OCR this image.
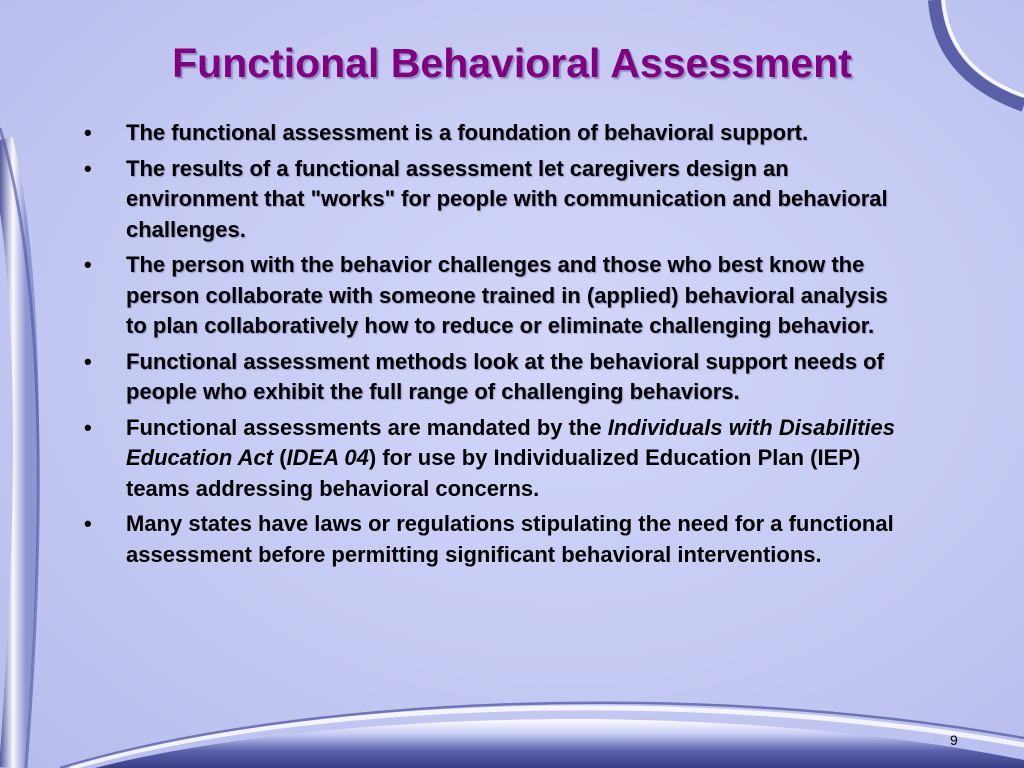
Functional Behavioral Assessment
• The functional assessment is a foundation of behavioral support.
• The results of a functional assessment let caregivers design an environment that "works" for people with communication and behavioral challenges.
• The person with the behavior challenges and those who best know the person collaborate with someone trained in (applied) behavioral analysis to plan collaboratively how to reduce or eliminate challenging behavior.
• Functional assessment methods look at the behavioral support needs of people who exhibit the full range of challenging behaviors.
• Functional assessments are mandated by the Individuals with Disabilities Education Act (IDEA 04) for use by Individualized Education Plan (IEP) teams addressing behavioral concerns.
• Many states have laws or regulations stipulating the need for a functional assessment before permitting significant behavioral interventions.
9
